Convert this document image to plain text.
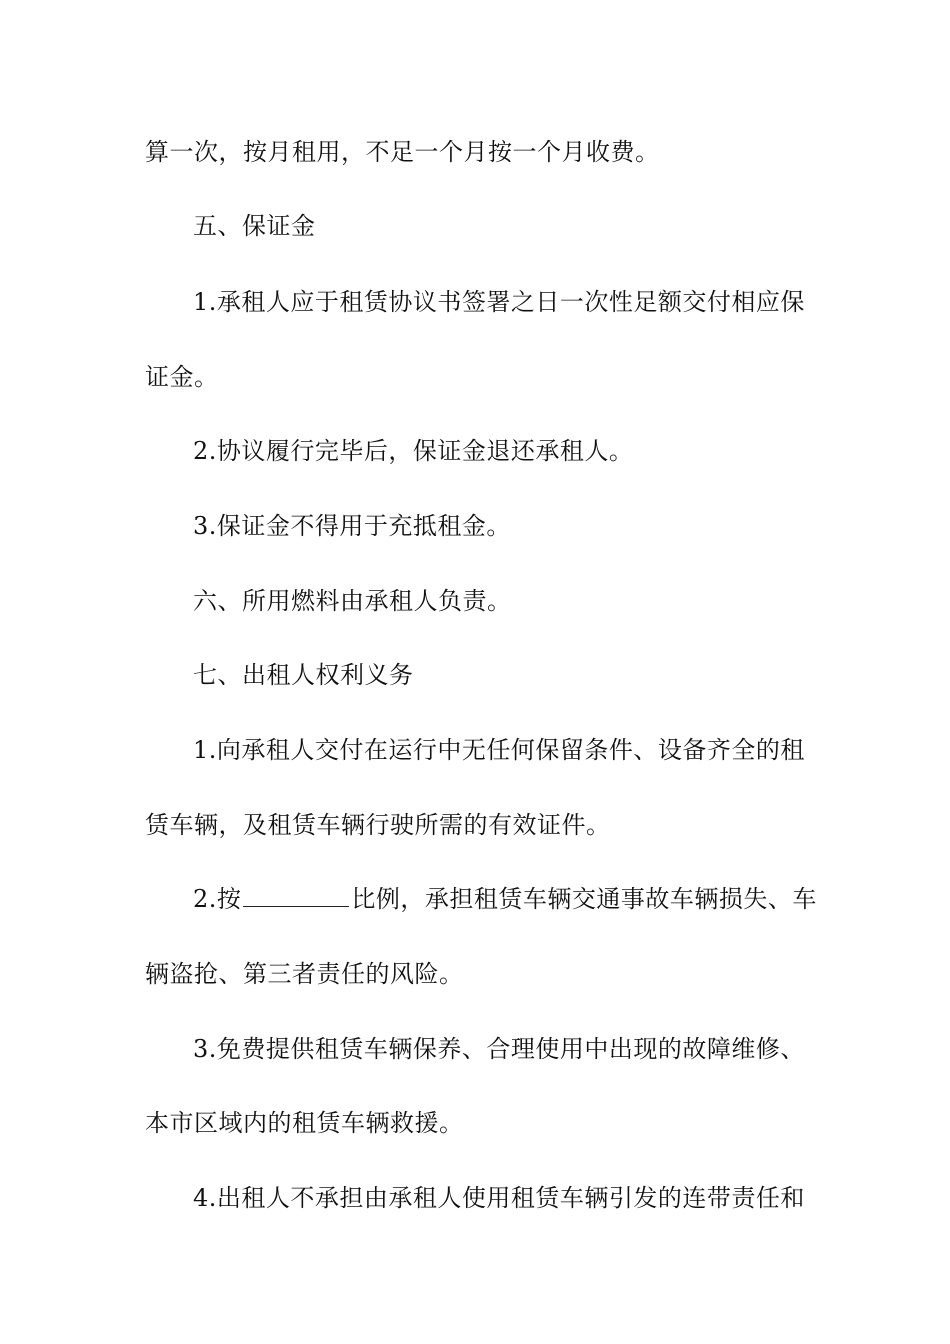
算一次，按月租用，不足一个月按一个月收费。
五、保证金
1.承租人应于租赁协议书签署之日一次性足额交付相应保
证金。
2.协议履行完毕后，保证金退还承租人。
3.保证金不得用于充抵租金。
六、所用燃料由承租人负责。
七、出租人权利义务
1.向承租人交付在运行中无任何保留条件、设备齐全的租
赁车辆，及租赁车辆行驶所需的有效证件。
2.按	比例，承担租赁车辆交通事故车辆损失、车
辆盗抢、第三者责任的风险。
3.免费提供租赁车辆保养、合理使用中出现的故障维修、
本市区域内的租赁车辆救援。
4.出租人不承担由承租人使用租赁车辆引发的连带责任和
